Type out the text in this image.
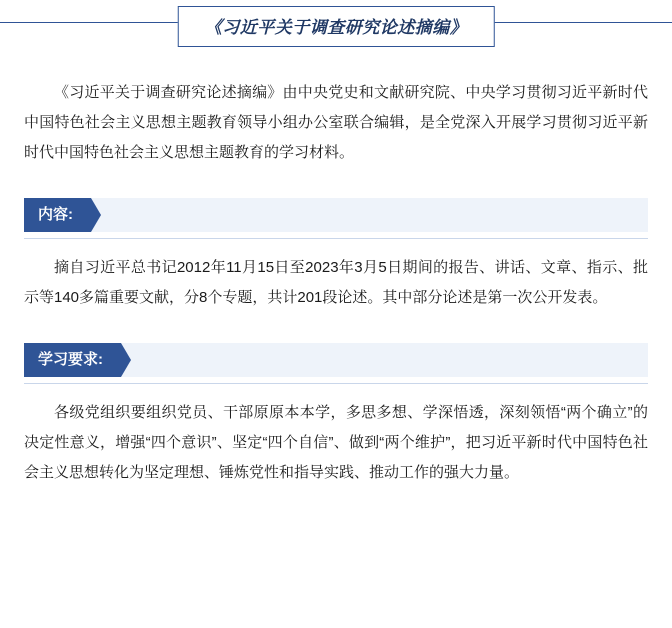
《习近平关于调查研究论述摘编》

《习近平关于调查研究论述摘编》由中央党史和文献研究院、中央学习贯彻习近平新时代中国特色社会主义思想主题教育领导小组办公室联合编辑，是全党深入开展学习贯彻习近平新时代中国特色社会主义思想主题教育的学习材料。

内容:

摘自习近平总书记2012年11月15日至2023年3月5日期间的报告、讲话、文章、指示、批示等140多篇重要文献，分8个专题，共计201段论述。其中部分论述是第一次公开发表。

学习要求:

各级党组织要组织党员、干部原原本本学，多思多想、学深悟透，深刻领悟“两个确立”的决定性意义，增强“四个意识”、坚定“四个自信”、做到“两个维护”，把习近平新时代中国特色社会主义思想转化为坚定理想、锤炼党性和指导实践、推动工作的强大力量。
